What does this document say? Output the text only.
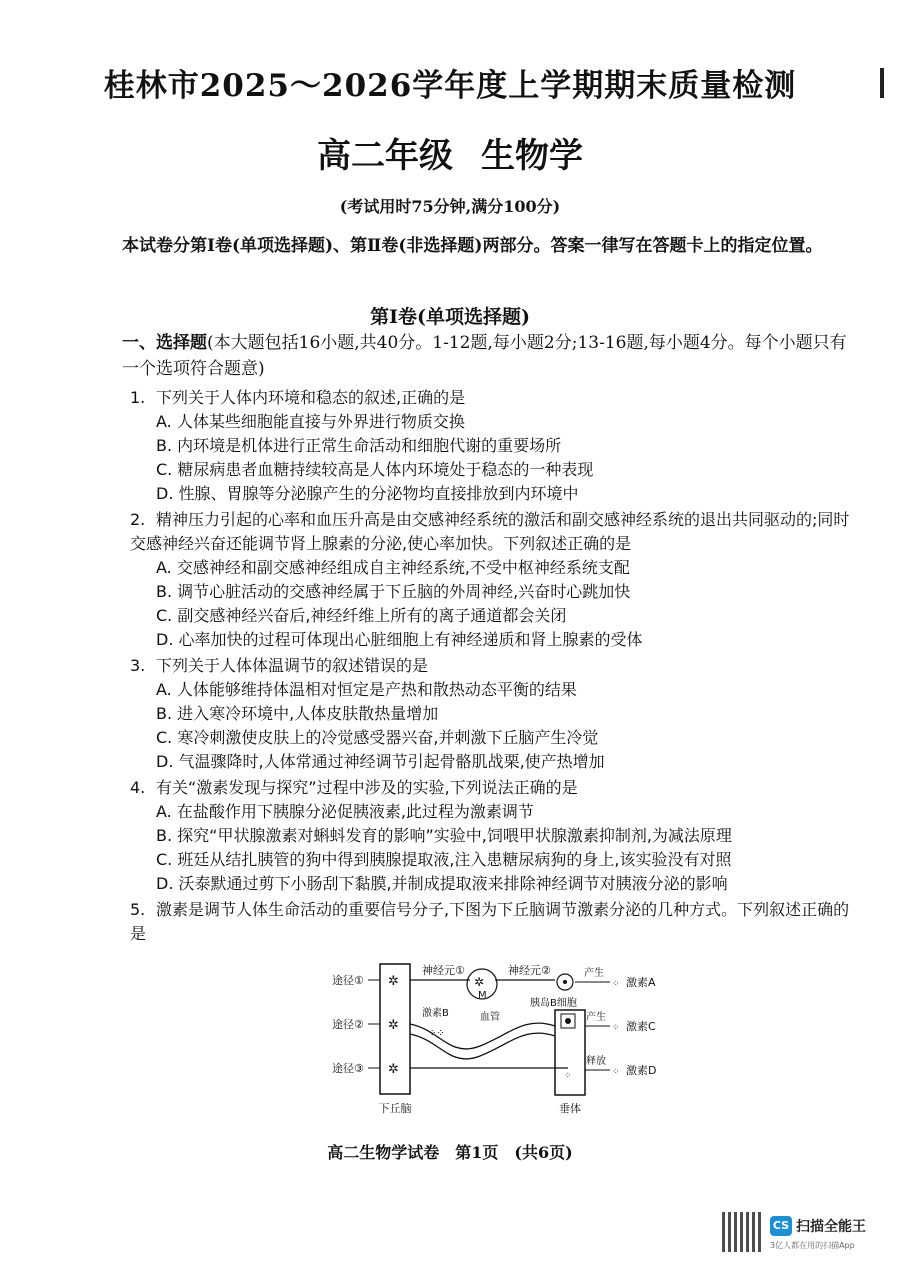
桂林市2025～2026学年度上学期期末质量检测
高二年级 生物学
(考试用时75分钟,满分100分)
本试卷分第Ⅰ卷(单项选择题)、第Ⅱ卷(非选择题)两部分。答案一律写在答题卡上的指定位置。
第Ⅰ卷(单项选择题)
一、选择题(本大题包括16小题,共40分。1-12题,每小题2分;13-16题,每小题4分。每个小题只有一个选项符合题意)
1. 下列关于人体内环境和稳态的叙述,正确的是
A. 人体某些细胞能直接与外界进行物质交换
B. 内环境是机体进行正常生命活动和细胞代谢的重要场所
C. 糖尿病患者血糖持续较高是人体内环境处于稳态的一种表现
D. 性腺、胃腺等分泌腺产生的分泌物均直接排放到内环境中
2. 精神压力引起的心率和血压升高是由交感神经系统的激活和副交感神经系统的退出共同驱动的;同时交感神经兴奋还能调节肾上腺素的分泌,使心率加快。下列叙述正确的是
A. 交感神经和副交感神经组成自主神经系统,不受中枢神经系统支配
B. 调节心脏活动的交感神经属于下丘脑的外周神经,兴奋时心跳加快
C. 副交感神经兴奋后,神经纤维上所有的离子通道都会关闭
D. 心率加快的过程可体现出心脏细胞上有神经递质和肾上腺素的受体
3. 下列关于人体体温调节的叙述错误的是
A. 人体能够维持体温相对恒定是产热和散热动态平衡的结果
B. 进入寒冷环境中,人体皮肤散热量增加
C. 寒冷刺激使皮肤上的冷觉感受器兴奋,并刺激下丘脑产生冷觉
D. 气温骤降时,人体常通过神经调节引起骨骼肌战栗,使产热增加
4. 有关“激素发现与探究”过程中涉及的实验,下列说法正确的是
A. 在盐酸作用下胰腺分泌促胰液素,此过程为激素调节
B. 探究“甲状腺激素对蝌蚪发育的影响”实验中,饲喂甲状腺激素抑制剂,为减法原理
C. 班廷从结扎胰管的狗中得到胰腺提取液,注入患糖尿病狗的身上,该实验没有对照
D. 沃泰默通过剪下小肠刮下黏膜,并制成提取液来排除神经调节对胰液分泌的影响
5. 激素是调节人体生命活动的重要信号分子,下图为下丘脑调节激素分泌的几种方式。下列叙述正确的是
下丘脑	垂体
途径①
途径②
途径③
✲
✲
✲
神经元①
M
✲
神经元②
胰岛B细胞
产生
⁘ 激素A
激素B
⁘⁘
血管	产生
⁘ 激素C
⁘
释放
⁘ 激素D
高二生物学试卷　第1页　(共6页)
CS 扫描全能王
3亿人都在用的扫描App
